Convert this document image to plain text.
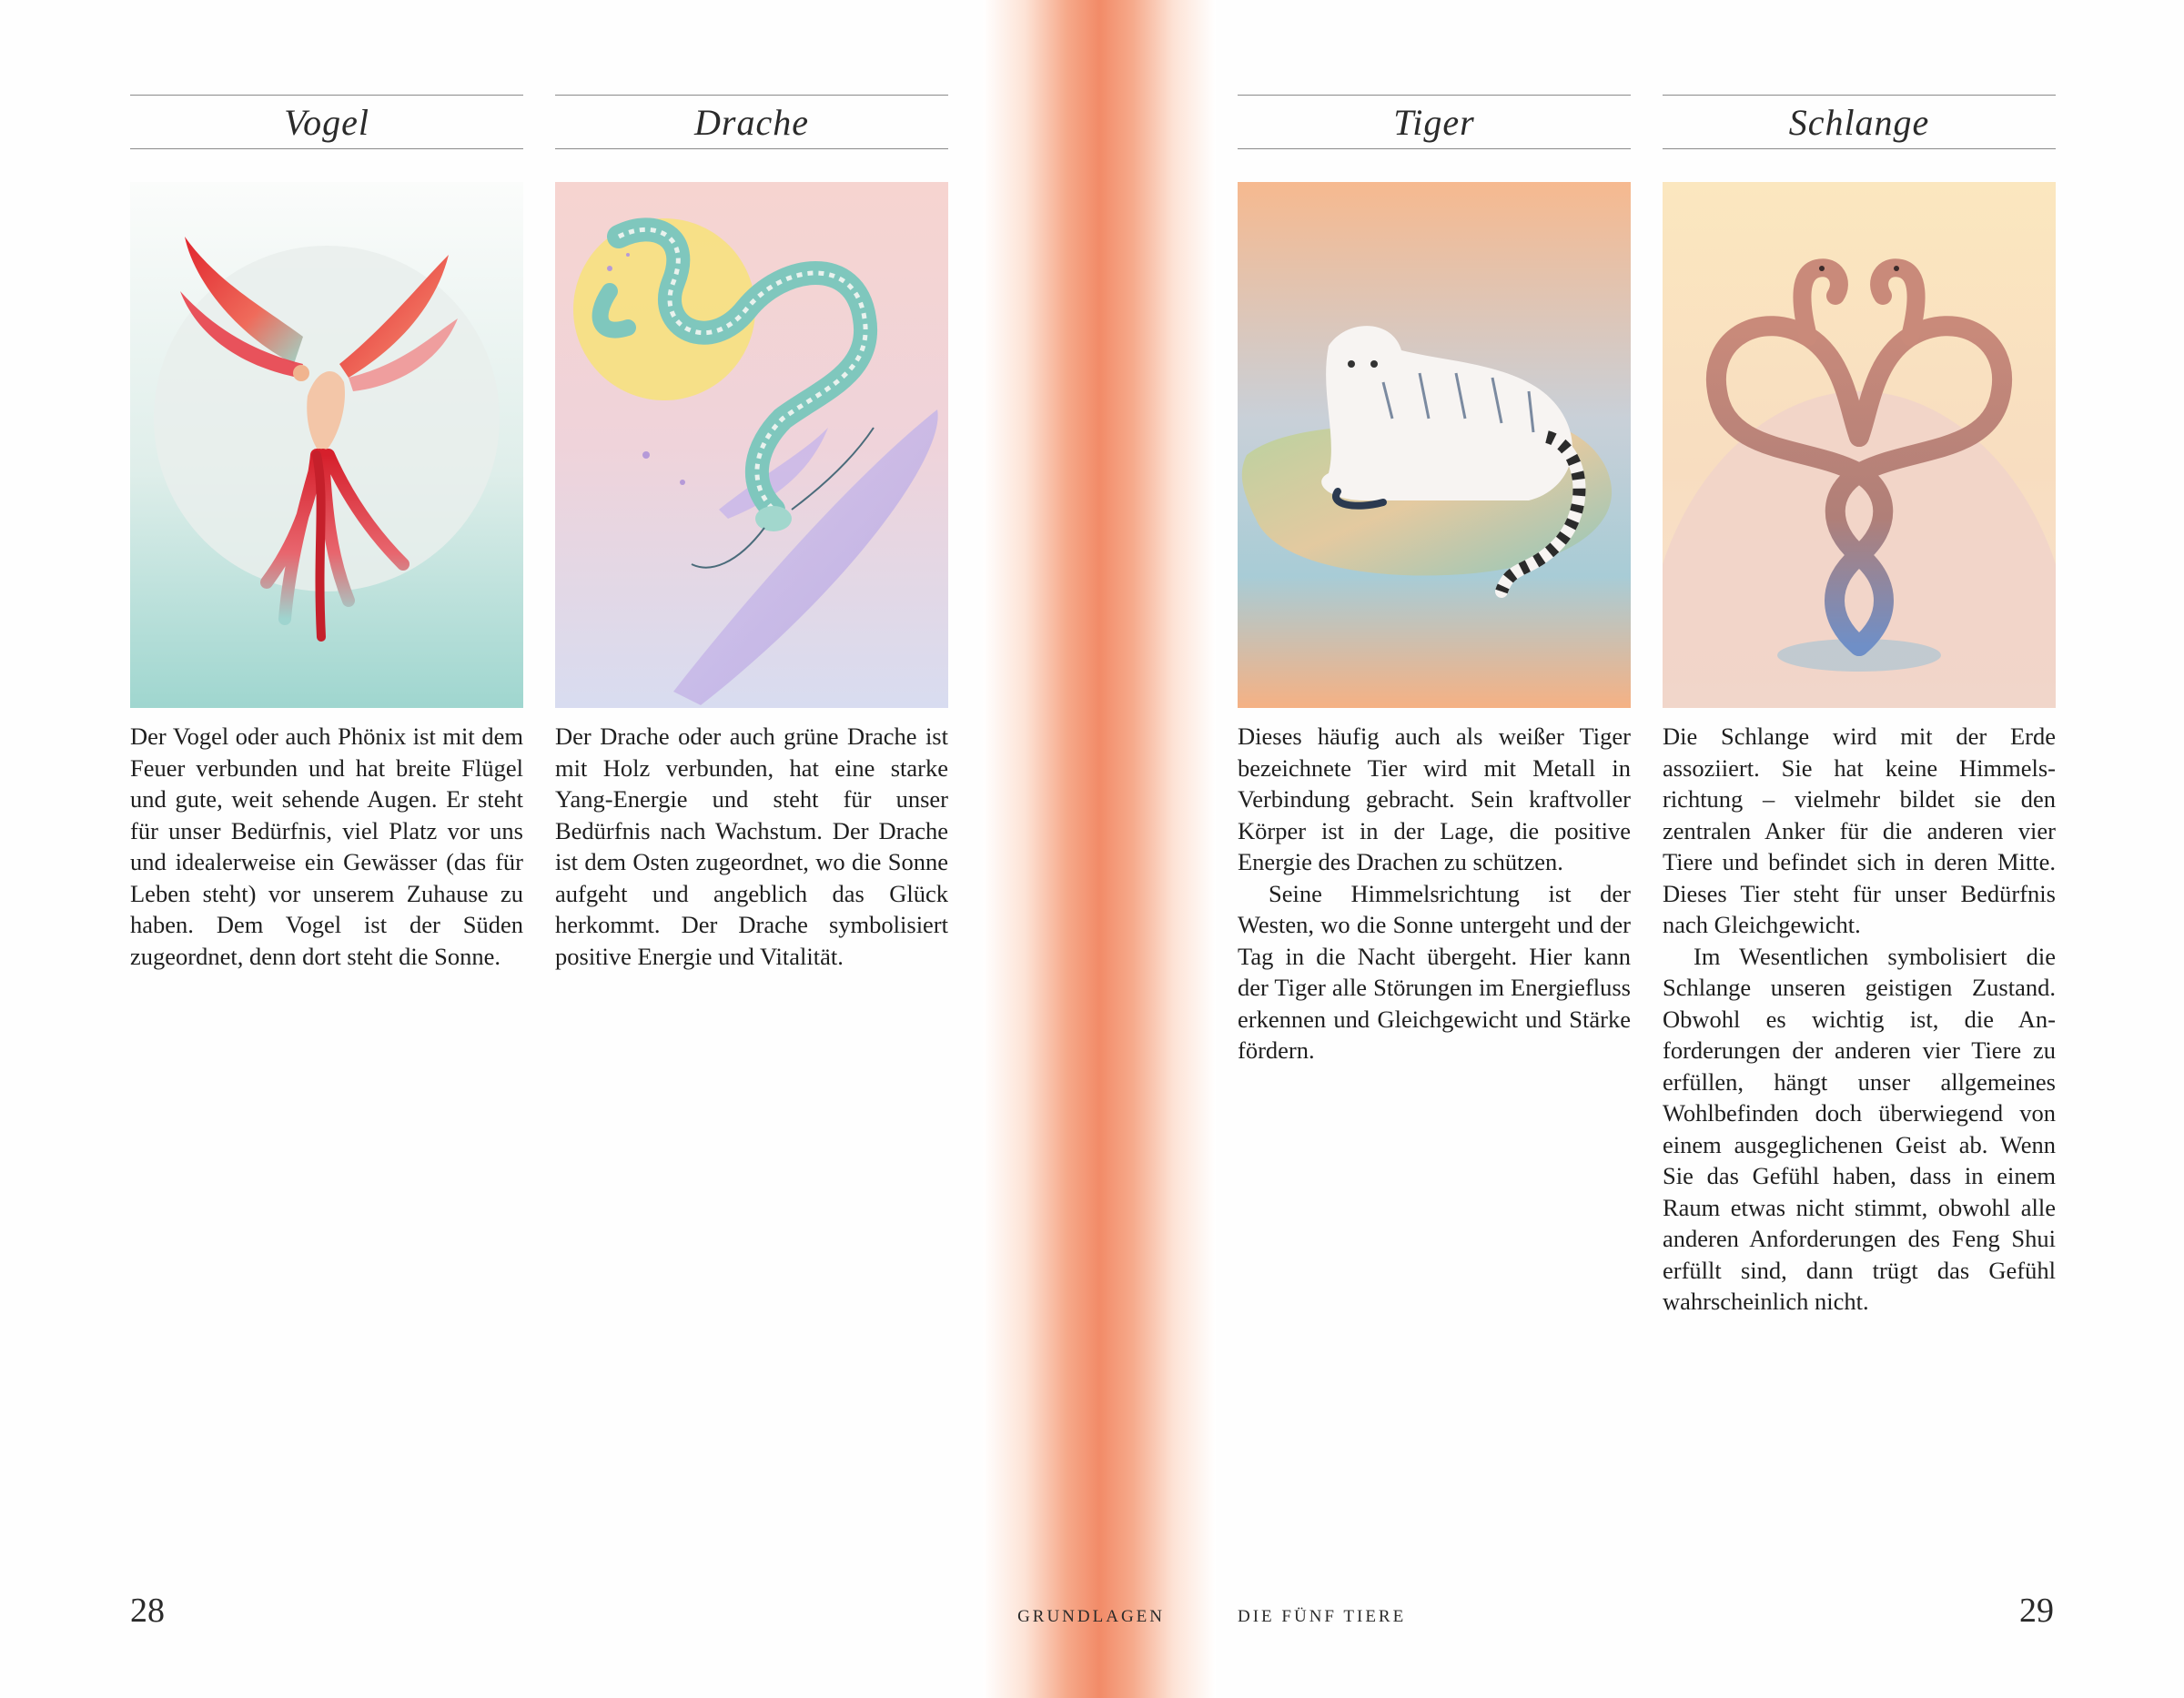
Vogel

Der Vogel oder auch Phönix ist mit dem Feuer verbunden und hat breite Flügel und gute, weit sehende Augen. Er steht für unser Bedürfnis, viel Platz vor uns und idealerweise ein Gewässer (das für Leben steht) vor unserem Zuhause zu haben. Dem Vogel ist der Süden zugeordnet, denn dort steht die Sonne.

Drache

Der Drache oder auch grüne Drache ist mit Holz verbunden, hat eine starke Yang-Energie und steht für unser Bedürfnis nach Wachstum. Der Drache ist dem Osten zugeordnet, wo die Sonne aufgeht und angeblich das Glück herkommt. Der Drache symbolisiert positive Energie und Vitalität.

Tiger

Dieses häufig auch als weißer Tiger bezeichnete Tier wird mit Metall in Verbindung gebracht. Sein kraftvoller Körper ist in der Lage, die positive Energie des Drachen zu schützen.

Seine Himmelsrichtung ist der Westen, wo die Sonne untergeht und der Tag in die Nacht übergeht. Hier kann der Tiger alle Störungen im Energiefluss erkennen und Gleichgewicht und Stärke fördern.

Schlange

Die Schlange wird mit der Erde assoziiert. Sie hat keine Himmelsrichtung – vielmehr bildet sie den zentralen Anker für die anderen vier Tiere und befindet sich in deren Mitte. Dieses Tier steht für unser Bedürfnis nach Gleichgewicht.

Im Wesentlichen symbolisiert die Schlange unseren geistigen Zustand. Obwohl es wichtig ist, die Anforderungen der anderen vier Tiere zu erfüllen, hängt unser allgemeines Wohlbefinden doch überwiegend von einem ausgeglichenen Geist ab. Wenn Sie das Gefühl haben, dass in einem Raum etwas nicht stimmt, obwohl alle anderen Anforderungen des Feng Shui erfüllt sind, dann trügt das Gefühl wahrscheinlich nicht.

28	GRUNDLAGEN	DIE FÜNF TIERE	29
